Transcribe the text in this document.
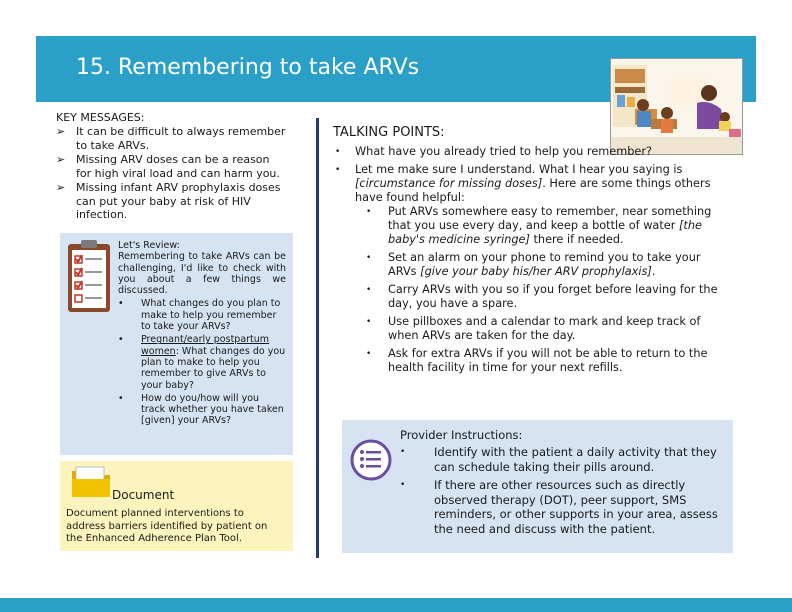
15. Remembering to take ARVs
KEY MESSAGES:
➢ It can be difficult to always remember to take ARVs.
➢ Missing ARV doses can be a reason for high viral load and can harm you.
➢ Missing infant ARV prophylaxis doses can put your baby at risk of HIV infection.
Let's Review:
Remembering to take ARVs can be challenging, I'd like to check with you about a few things we discussed.
• What changes do you plan to make to help you remember to take your ARVs?
• Pregnant/early postpartum women: What changes do you plan to make to help you remember to give ARVs to your baby?
• How do you/how will you track whether you have taken [given] your ARVs?
Document
Document planned interventions to address barriers identified by patient on
the Enhanced Adherence Plan Tool.
TALKING POINTS:
• What have you already tried to help you remember?
• Let me make sure I understand. What I hear you saying is [circumstance for missing doses]. Here are some things others have found helpful:
• Put ARVs somewhere easy to remember, near something that you use every day, and keep a bottle of water [the baby's medicine syringe] there if needed.
• Set an alarm on your phone to remind you to take your ARVs [give your baby his/her ARV prophylaxis].
• Carry ARVs with you so if you forget before leaving for the day, you have a spare.
• Use pillboxes and a calendar to mark and keep track of when ARVs are taken for the day.
• Ask for extra ARVs if you will not be able to return to the health facility in time for your next refills.
Provider Instructions:
• Identify with the patient a daily activity that they can schedule taking their pills around.
• If there are other resources such as directly observed therapy (DOT), peer support, SMS reminders, or other supports in your area, assess the need and discuss with the patient.
